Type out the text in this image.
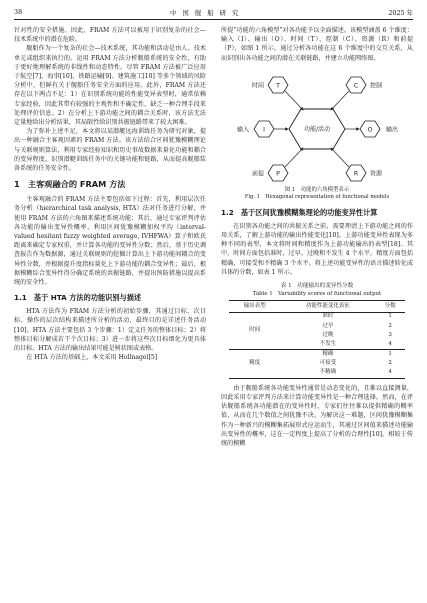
38	中 国 舰 船 研 究	2025 年

针对性的安全措施。因此，FRAM 方法可以被用于识别复杂的社会—技术系统中的潜在危险。

舰船作为一个复杂的社会—技术系统，其功能和活动是由人、技术单元或组织来执行的。运用 FRAM 方法分析舰船系统的安全性，有助于更好地理解系统的非线性和动态特性。尽管 FRAM 方法被广泛应用于航空[7]、海事[10]、铁路运输[9]、建筑施工[10] 等多个领域的风险分析中，但鲜有关于舰船任务安全方面的应用。此外，FRAM 方法还存在以下两点不足：1）在识别系统功能的性能变异表型时，通常依赖专家经验，因此其带有较强的主观性和不确定性，缺乏一种合理手段来处理评价信息。2）在分析上下游功能之间的耦合关系时，该方法无法定量地给出分析结果，其局限性给识别共振链路带来了较大困难。

为了弥补上述不足，本文将以某潜艇远海训练任务为研究对象，提出一种融合主客观因素的 FRAM 方法。该方法结合区间犹豫模糊理论与关联规则算法，利用专家经验知识和历史事故数据来量化功能和耦合的变异程度，识别潜艇训练任务中的关键功能和链路，从而提高舰船装备系统的任务安全性。

1　主客观融合的 FRAM 方法

主客观融合的 FRAM 方法主要包括如下过程：首先，利用层次任务分析（hierarchical task analysis, HTA）法对任务进行分解，并使用 FRAM 方法的六角图来描述系统功能；其后，通过专家评判评估各功能的输出变异性概率，利用区间犹豫模糊加权平均（interval-valued hesitant fuzzy weighted average, IVHFWA）算子和欧氏距离来确定专家权重，并计算各功能的变异性分数；然后，基于历史调查报告作为数据源，通过关联规则的挖掘计算出上下游功能间耦合的变异性分数，并根据提升度指标量化上下游功能的耦合变异性；最后，根据模糊综合变异性得分确定系统的共振链路，并提出预防措施以提高系统的安全性。

1.1　基于 HTA 方法的功能识别与描述

HTA 方法作为 FRAM 方法分析的初始步骤，其通过目标、次目标、操作的层次结构来描述所分析的活动，最终目的是详述任务活动[10]。HTA 方法主要包括 3 个步骤：1）定义任务的整体目标；2）将整体目标分解成若干个次目标；3）进一步将这些次目标细化为更具体的目标。HTA 方法的输出结果可能是树状图或表格。

在 HTA 方法的基础上，本文采用 Hollnagel[5]

所提“功能的六角模型”对各功能予以全面描述。该模型涵盖 6 个维度：输入（I）、输出（O）、时间（T）、控制（C）、资源（R）和前提（P），如图 1 所示。通过分析各功能在这 6 个维度中的交互关系，从而识别出各功能之间的潜在关联链路，并建立功能网络图。

功能/活动
T
时间	C 控制
I
输入	O 输出
P
前提	R 资源
图 1　功能的六角模型表示
Fig. 1　Hexagonal representation of functional models
1.2　基于区间犹豫模糊集理论的功能变异性计算

在识别各功能之间的共振关系之前，需要理清上下游功能之间的作用关系，了解上游功能的输出性能变化[10]。上游功能变异性表现为多种不同的表型，本文将时间和精度作为上游功能输出的表型[18]。其中，时间方面包括准时、过早、过晚和不发生 4 个水平，精度方面包括精确、可接受和不精确 3 个水平。将上述功能变异性的语言描述转化成具体的分数，如表 1 所示。

表 1　功能输出的变异性分数
Table 1　Variability scores of functional output
输出表型	功能性能变化表征	分数
时间	准时	1
	过早	2
	过晚	3
	不发生	4
精度	精确	1
	可接受	2
	不精确	4

由于舰船系统各功能变异性通常是动态变化的，且难以直接测量，因此采用专家评判方法来计算功能变异性是一种合理选择。然而，在评估舰船系统各功能潜在的变异性时，专家们往往难以提供精确的概率值，从而在几个数值之间犹豫不决。为解决这一难题，区间犹豫模糊集作为一种新兴的模糊集拓展形式应运而生，其通过区间值来描述功能输出变异性的概率，这在一定程度上提高了分析的合理性[10]。相较于传统的模糊
